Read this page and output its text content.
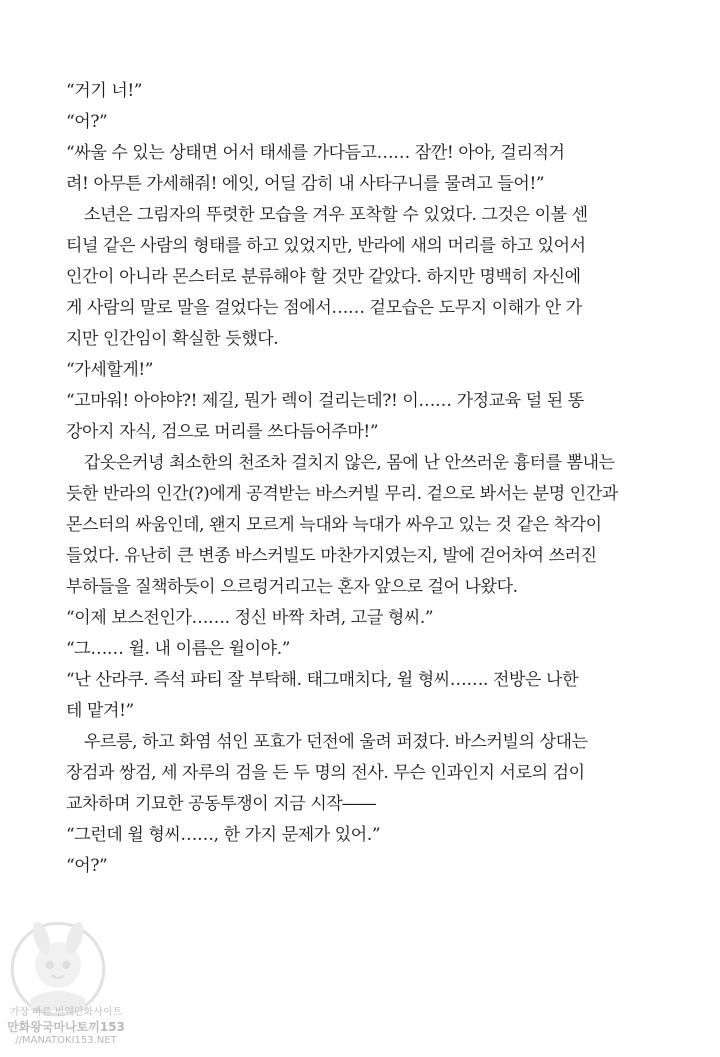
“거기 너!”
“어?”
“싸울 수 있는 상태면 어서 태세를 가다듬고…… 잠깐! 아아, 걸리적거
려! 아무튼 가세해줘! 에잇, 어딜 감히 내 사타구니를 물려고 들어!”
소년은 그림자의 뚜렷한 모습을 겨우 포착할 수 있었다. 그것은 이볼 센
티널 같은 사람의 형태를 하고 있었지만, 반라에 새의 머리를 하고 있어서
인간이 아니라 몬스터로 분류해야 할 것만 같았다. 하지만 명백히 자신에
게 사람의 말로 말을 걸었다는 점에서…… 겉모습은 도무지 이해가 안 가
지만 인간임이 확실한 듯했다.
“가세할게!”
“고마워! 아야야?! 제길, 뭔가 렉이 걸리는데?! 이…… 가정교육 덜 된 똥
강아지 자식, 검으로 머리를 쓰다듬어주마!”
갑옷은커녕 최소한의 천조차 걸치지 않은, 몸에 난 안쓰러운 흉터를 뽐내는
듯한 반라의 인간(?)에게 공격받는 바스커빌 무리. 겉으로 봐서는 분명 인간과
몬스터의 싸움인데, 왠지 모르게 늑대와 늑대가 싸우고 있는 것 같은 착각이
들었다. 유난히 큰 변종 바스커빌도 마찬가지였는지, 발에 걷어차여 쓰러진
부하들을 질책하듯이 으르렁거리고는 혼자 앞으로 걸어 나왔다.
“이제 보스전인가……. 정신 바짝 차려, 고글 형씨.”
“그…… 윌. 내 이름은 윌이야.”
“난 산라쿠. 즉석 파티 잘 부탁해. 태그매치다, 윌 형씨……. 전방은 나한
테 맡겨!”
우르릉, 하고 화염 섞인 포효가 던전에 울려 퍼졌다. 바스커빌의 상대는
장검과 쌍검, 세 자루의 검을 든 두 명의 전사. 무슨 인과인지 서로의 검이
교차하며 기묘한 공동투쟁이 지금 시작――
“그런데 윌 형씨……, 한 가지 문제가 있어.”
“어?”
가장 빠른 번역만화사이트
만화왕국마나토끼153
//MANATOKI153.NET
